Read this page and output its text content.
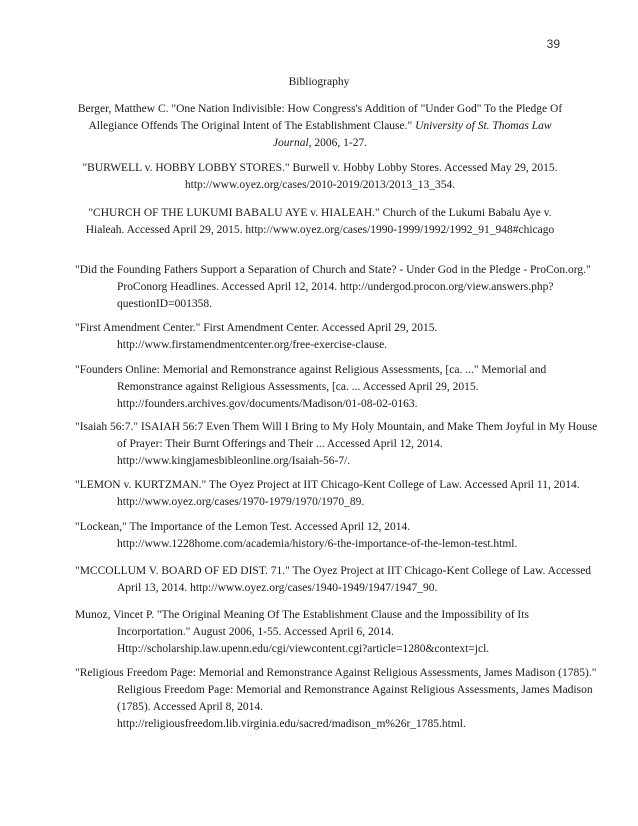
39
Bibliography
Berger, Matthew C. "One Nation Indivisible: How Congress's Addition of "Under God" To the Pledge Of Allegiance Offends The Original Intent of The Establishment Clause." University of St. Thomas Law Journal, 2006, 1-27.
"BURWELL v. HOBBY LOBBY STORES." Burwell v. Hobby Lobby Stores. Accessed May 29, 2015. http://www.oyez.org/cases/2010-2019/2013/2013_13_354.
"CHURCH OF THE LUKUMI BABALU AYE v. HIALEAH." Church of the Lukumi Babalu Aye v. Hialeah. Accessed April 29, 2015. http://www.oyez.org/cases/1990-1999/1992/1992_91_948#chicago
"Did the Founding Fathers Support a Separation of Church and State? - Under God in the Pledge - ProCon.org." ProConorg Headlines. Accessed April 12, 2014. http://undergod.procon.org/view.answers.php?questionID=001358.
"First Amendment Center." First Amendment Center. Accessed April 29, 2015. http://www.firstamendmentcenter.org/free-exercise-clause.
"Founders Online: Memorial and Remonstrance against Religious Assessments, [ca. ..." Memorial and Remonstrance against Religious Assessments, [ca. ... Accessed April 29, 2015. http://founders.archives.gov/documents/Madison/01-08-02-0163.
"Isaiah 56:7." ISAIAH 56:7 Even Them Will I Bring to My Holy Mountain, and Make Them Joyful in My House of Prayer: Their Burnt Offerings and Their ... Accessed April 12, 2014. http://www.kingjamesbibleonline.org/Isaiah-56-7/.
"LEMON v. KURTZMAN." The Oyez Project at IIT Chicago-Kent College of Law. Accessed April 11, 2014. http://www.oyez.org/cases/1970-1979/1970/1970_89.
"Lockean," The Importance of the Lemon Test. Accessed April 12, 2014. http://www.1228home.com/academia/history/6-the-importance-of-the-lemon-test.html.
"MCCOLLUM V. BOARD OF ED DIST. 71." The Oyez Project at IIT Chicago-Kent College of Law. Accessed April 13, 2014. http://www.oyez.org/cases/1940-1949/1947/1947_90.
Munoz, Vincet P. "The Original Meaning Of The Establishment Clause and the Impossibility of Its Incorportation." August 2006, 1-55. Accessed April 6, 2014. Http://scholarship.law.upenn.edu/cgi/viewcontent.cgi?article=1280&context=jcl.
"Religious Freedom Page: Memorial and Remonstrance Against Religious Assessments, James Madison (1785)." Religious Freedom Page: Memorial and Remonstrance Against Religious Assessments, James Madison (1785). Accessed April 8, 2014. http://religiousfreedom.lib.virginia.edu/sacred/madison_m%26r_1785.html.
